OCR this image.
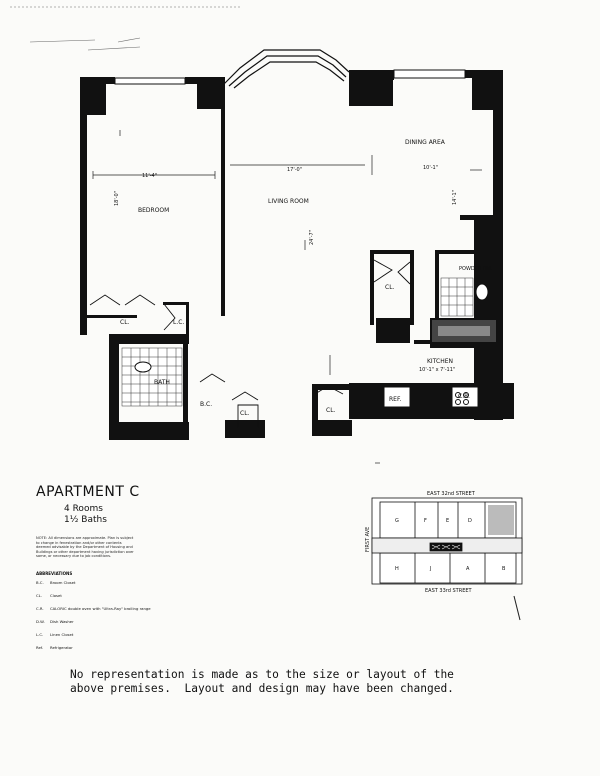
BEDROOM
LIVING ROOM
DINING AREA
KITCHEN
BATH
POWDER RM.
CL.	L.C.
B.C.
CL.	CL.
CL.
REF.	C.R.
11'-4"
18'-0"
17'-0"
24'-7"
10'-1"
14'-1"
10'-1" x 7'-11"
EAST 32nd STREET
EAST 33rd STREET
FIRST AVE
G	F	E	D
H	J	A	B
APARTMENT C
4 Rooms
1½ Baths
NOTE: All dimensions are approximate. Plan is subject to change in fenestration and/or other contents deemed advisable by the Department of Housing and Buildings or other department having jurisdiction over same, or necessary due to job conditions.
ABBREVIATIONS
B.C.	Broom Closet
CL.	Closet
C.R.	CALORIC double oven with "Ultra-Ray" broiling range
D.W.	Dish Washer
L.C.	Linen Closet
Ref.	Refrigerator
No representation is made as to the size or layout of the
above premises.  Layout and design may have been changed.
